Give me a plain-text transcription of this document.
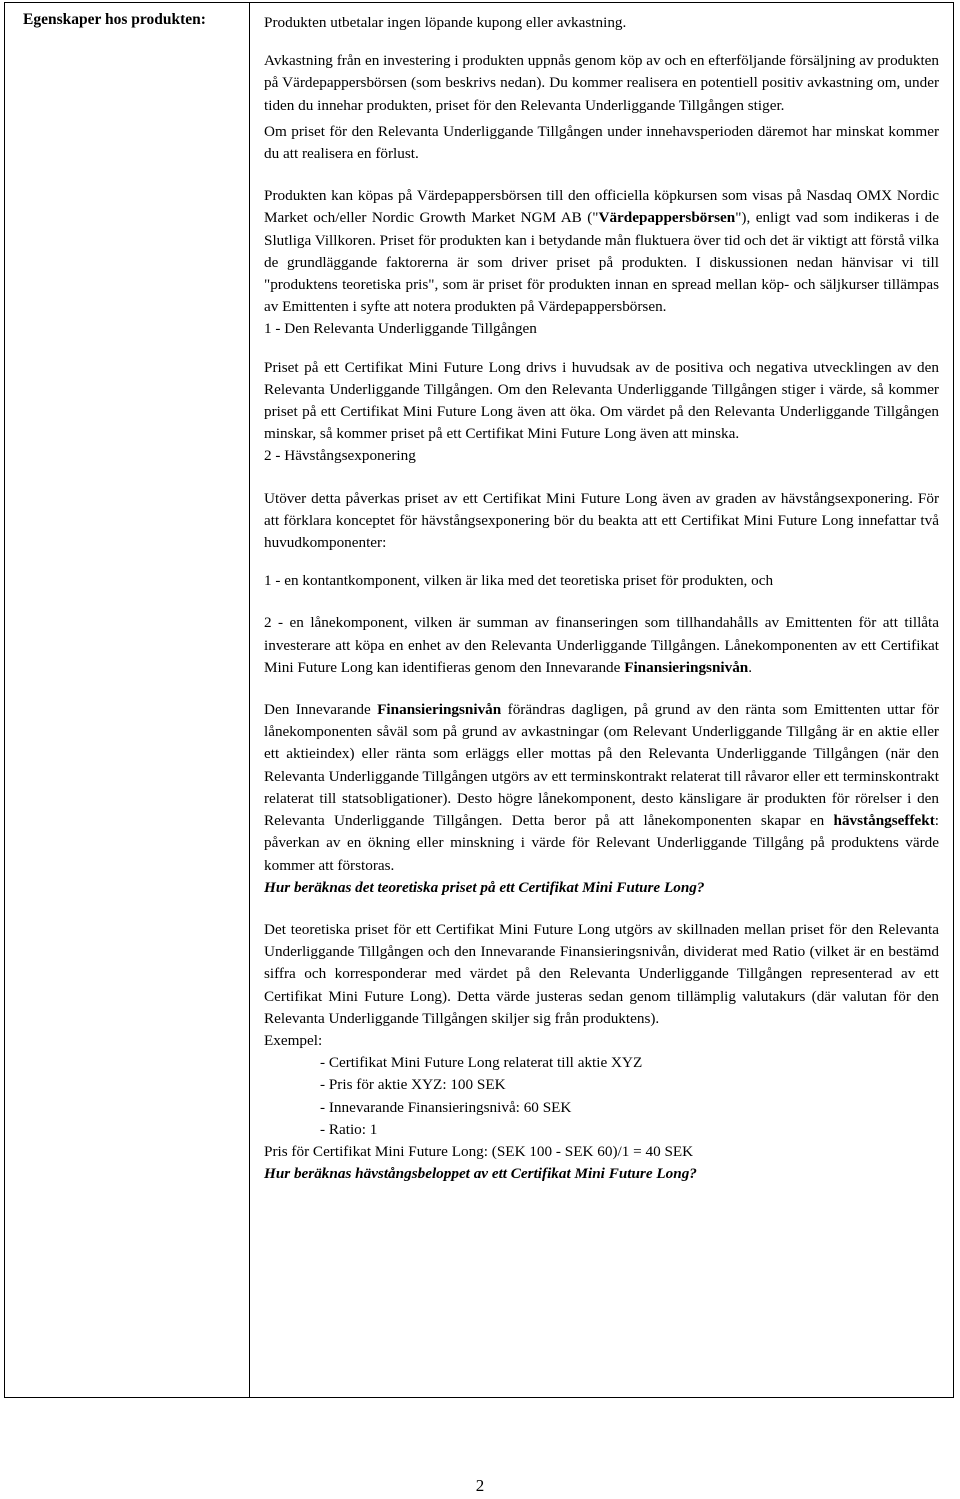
Egenskaper hos produkten:	Produkten utbetalar ingen löpande kupong eller avkastning.

Avkastning från en investering i produkten uppnås genom köp av och en efterföljande försäljning av produkten på Värdepappersbörsen (som beskrivs nedan). Du kommer realisera en potentiell positiv avkastning om, under tiden du innehar produkten, priset för den Relevanta Underliggande Tillgången stiger.

Om priset för den Relevanta Underliggande Tillgången under innehavsperioden däremot har minskat kommer du att realisera en förlust.

Produkten kan köpas på Värdepappersbörsen till den officiella köpkursen som visas på Nasdaq OMX Nordic Market och/eller Nordic Growth Market NGM AB ("Värdepappersbörsen"), enligt vad som indikeras i de Slutliga Villkoren. Priset för produkten kan i betydande mån fluktuera över tid och det är viktigt att förstå vilka de grundläggande faktorerna är som driver priset på produkten. I diskussionen nedan hänvisar vi till "produktens teoretiska pris", som är priset för produkten innan en spread mellan köp- och säljkurser tillämpas av Emittenten i syfte att notera produkten på Värdepappersbörsen.

1 - Den Relevanta Underliggande Tillgången

Priset på ett Certifikat Mini Future Long drivs i huvudsak av de positiva och negativa utvecklingen av den Relevanta Underliggande Tillgången. Om den Relevanta Underliggande Tillgången stiger i värde, så kommer priset på ett Certifikat Mini Future Long även att öka. Om värdet på den Relevanta Underliggande Tillgången minskar, så kommer priset på ett Certifikat Mini Future Long även att minska.

2 - Hävstångsexponering

Utöver detta påverkas priset av ett Certifikat Mini Future Long även av graden av hävstångsexponering. För att förklara konceptet för hävstångsexponering bör du beakta att ett Certifikat Mini Future Long innefattar två huvudkomponenter:

1 - en kontantkomponent, vilken är lika med det teoretiska priset för produkten, och

2 - en lånekomponent, vilken är summan av finanseringen som tillhandahålls av Emittenten för att tillåta investerare att köpa en enhet av den Relevanta Underliggande Tillgången. Lånekomponenten av ett Certifikat Mini Future Long kan identifieras genom den Innevarande Finansieringsnivån.

Den Innevarande Finansieringsnivån förändras dagligen, på grund av den ränta som Emittenten uttar för lånekomponenten såväl som på grund av avkastningar (om Relevant Underliggande Tillgång är en aktie eller ett aktieindex) eller ränta som erläggs eller mottas på den Relevanta Underliggande Tillgången (när den Relevanta Underliggande Tillgången utgörs av ett terminskontrakt relaterat till råvaror eller ett terminskontrakt relaterat till statsobligationer). Desto högre lånekomponent, desto känsligare är produkten för rörelser i den Relevanta Underliggande Tillgången. Detta beror på att lånekomponenten skapar en hävstångseffekt: påverkan av en ökning eller minskning i värde för Relevant Underliggande Tillgång på produktens värde kommer att förstoras.

Hur beräknas det teoretiska priset på ett Certifikat Mini Future Long?

Det teoretiska priset för ett Certifikat Mini Future Long utgörs av skillnaden mellan priset för den Relevanta Underliggande Tillgången och den Innevarande Finansieringsnivån, dividerat med Ratio (vilket är en bestämd siffra och korresponderar med värdet på den Relevanta Underliggande Tillgången representerad av ett Certifikat Mini Future Long). Detta värde justeras sedan genom tillämplig valutakurs (där valutan för den Relevanta Underliggande Tillgången skiljer sig från produktens).

Exempel:

- Certifikat Mini Future Long relaterat till aktie XYZ
- Pris för aktie XYZ: 100 SEK
- Innevarande Finansieringsnivå: 60 SEK
- Ratio: 1

Pris för Certifikat Mini Future Long: (SEK 100 - SEK 60)/1 = 40 SEK

Hur beräknas hävstångsbeloppet av ett Certifikat Mini Future Long?

2
